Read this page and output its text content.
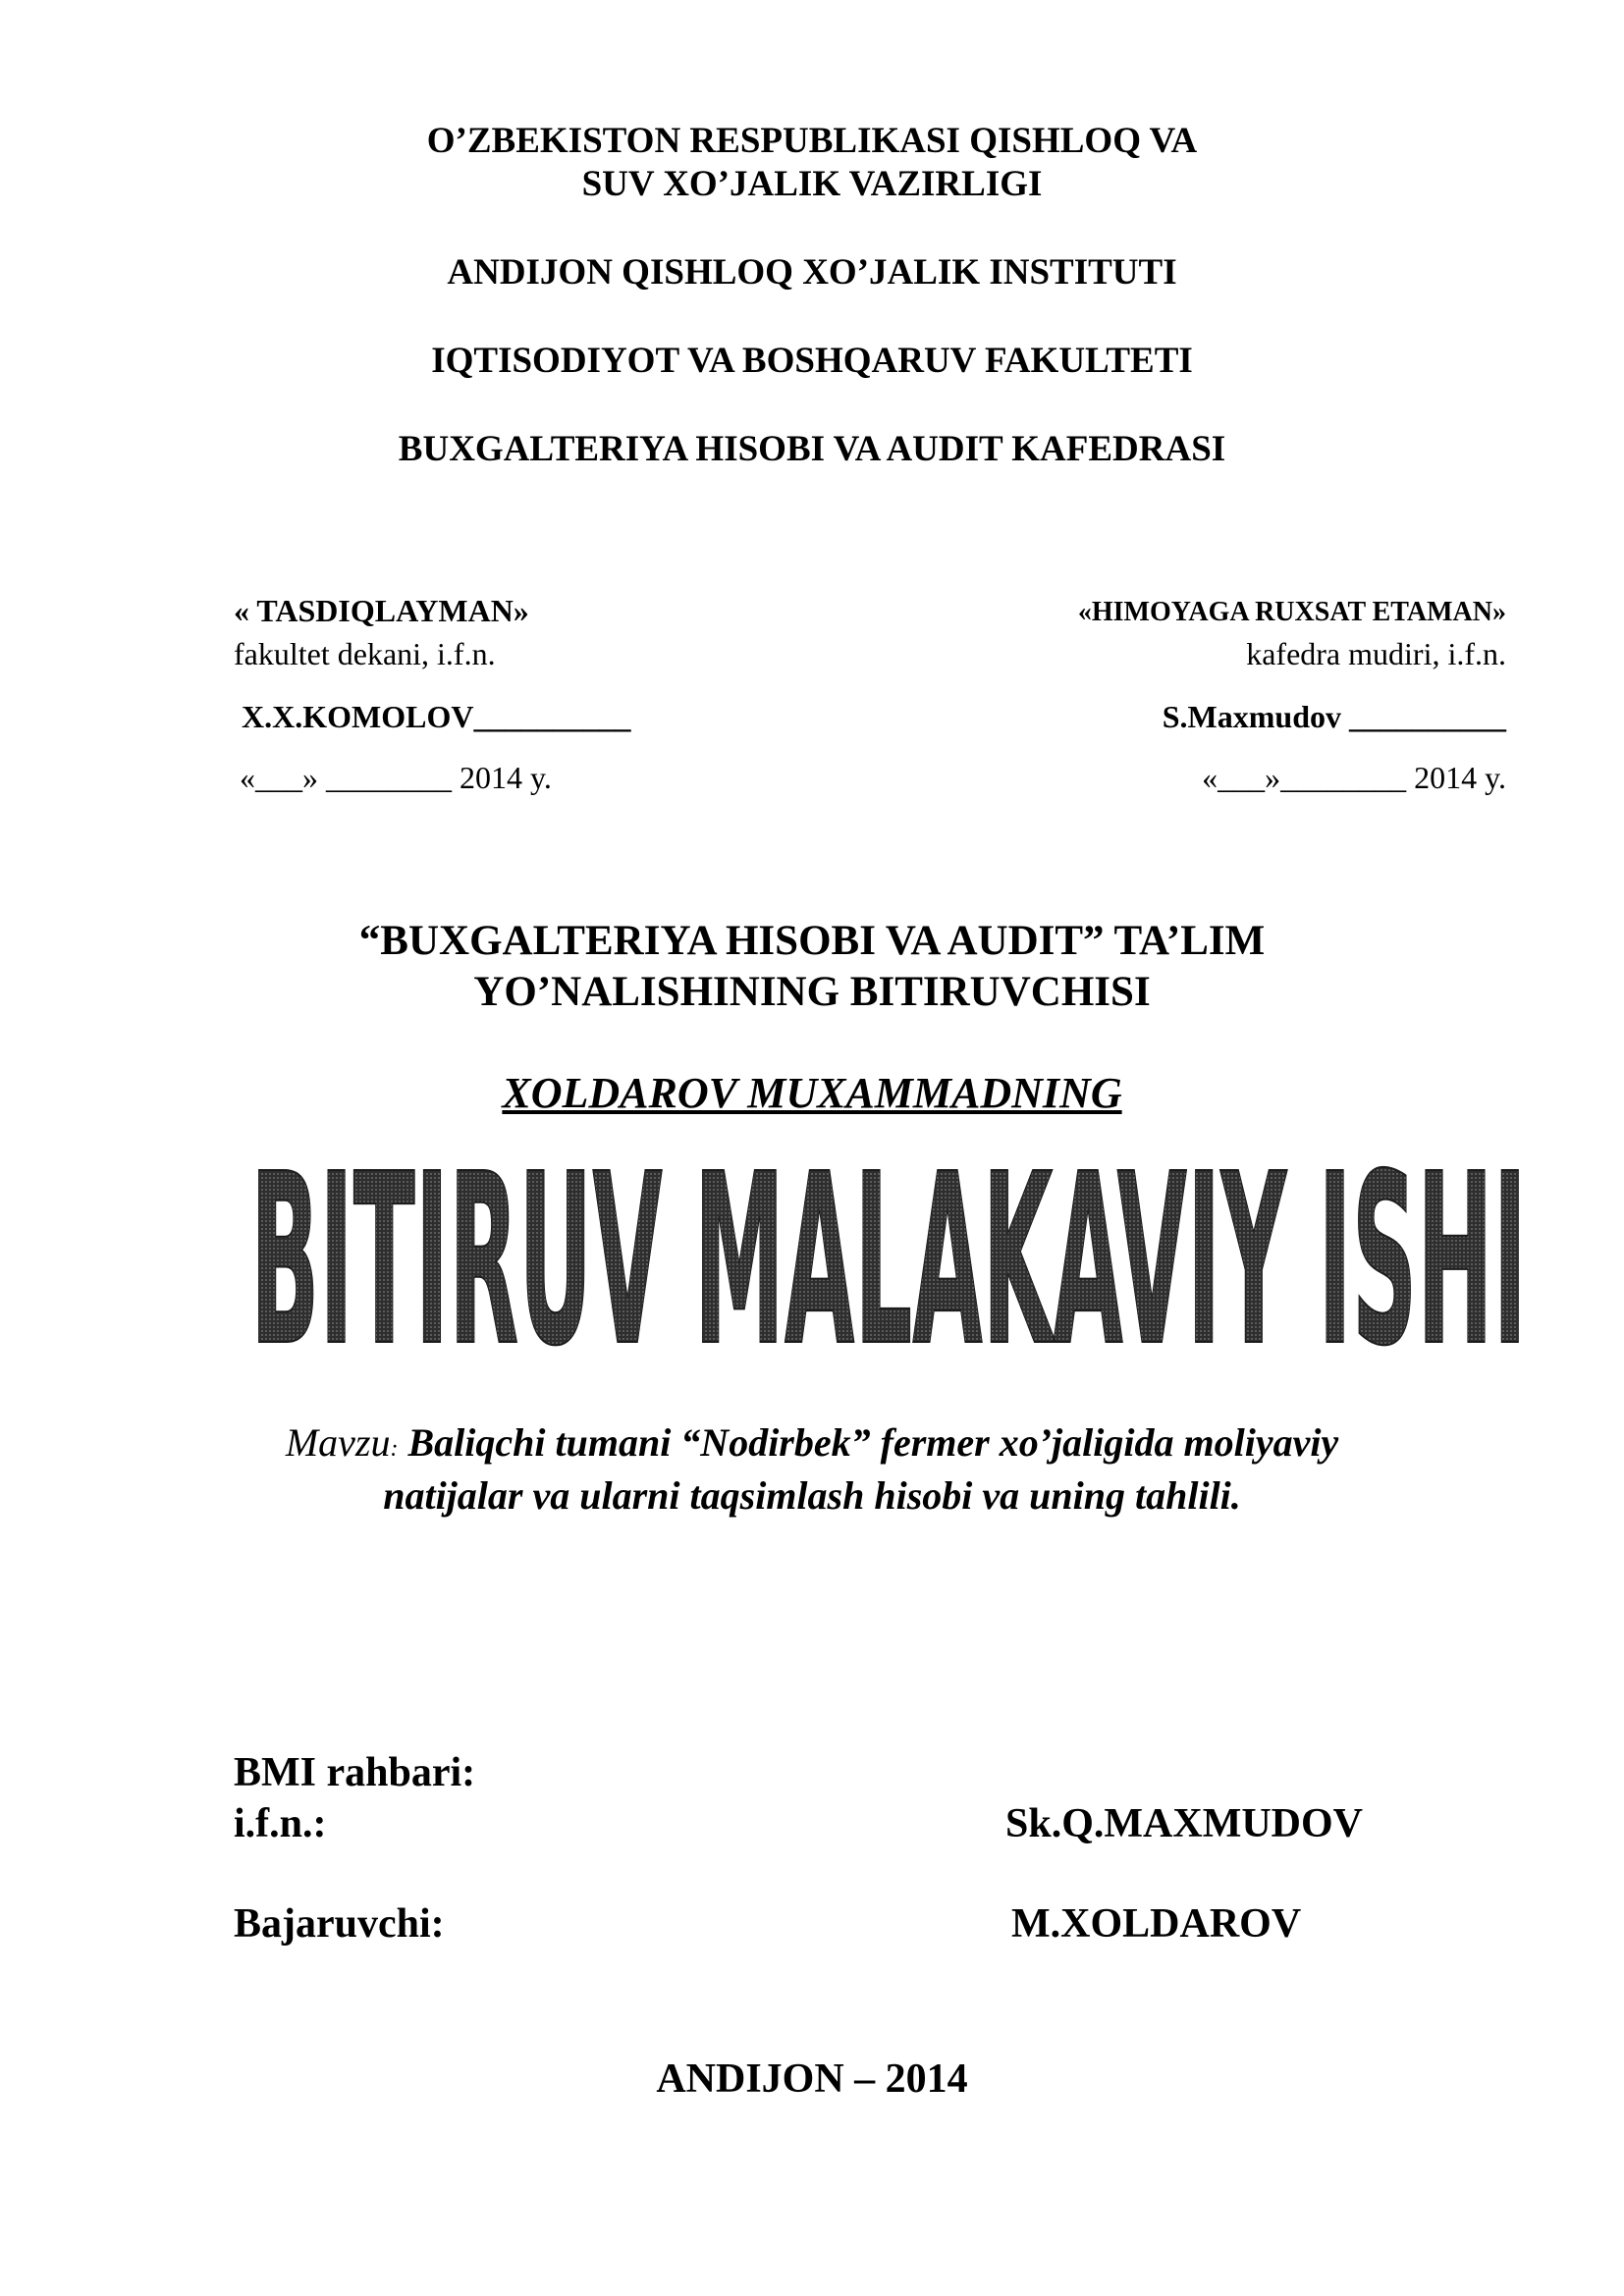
O’ZBEKISTON RESPUBLIKASI QISHLOQ VA
SUV XO’JALIK VAZIRLIGI
ANDIJON QISHLOQ XO’JALIK INSTITUTI
IQTISODIYOT VA BOSHQARUV FAKULTETI
BUXGALTERIYA HISOBI VA AUDIT KAFEDRASI
« TASDIQLAYMAN»
fakultet dekani, i.f.n.
X.X.KOMOLOV__________
«___» ________ 2014 y.
«HIMOYAGA RUXSAT ETAMAN»
kafedra mudiri, i.f.n.
S.Maxmudov __________
«___»________ 2014 y.
“BUXGALTERIYA HISOBI VA AUDIT” TA’LIM
YO’NALISHINING BITIRUVCHISI
XOLDAROV MUXAMMADNING
BITIRUV MALAKAVIY ISHI
Mavzu: Baliqchi tumani “Nodirbek” fermer xo’jaligida moliyaviy
natijalar va ularni taqsimlash hisobi va uning tahlili.
BMI rahbari:
i.f.n.:	Sk.Q.MAXMUDOV
Bajaruvchi:	M.XOLDAROV
ANDIJON – 2014
